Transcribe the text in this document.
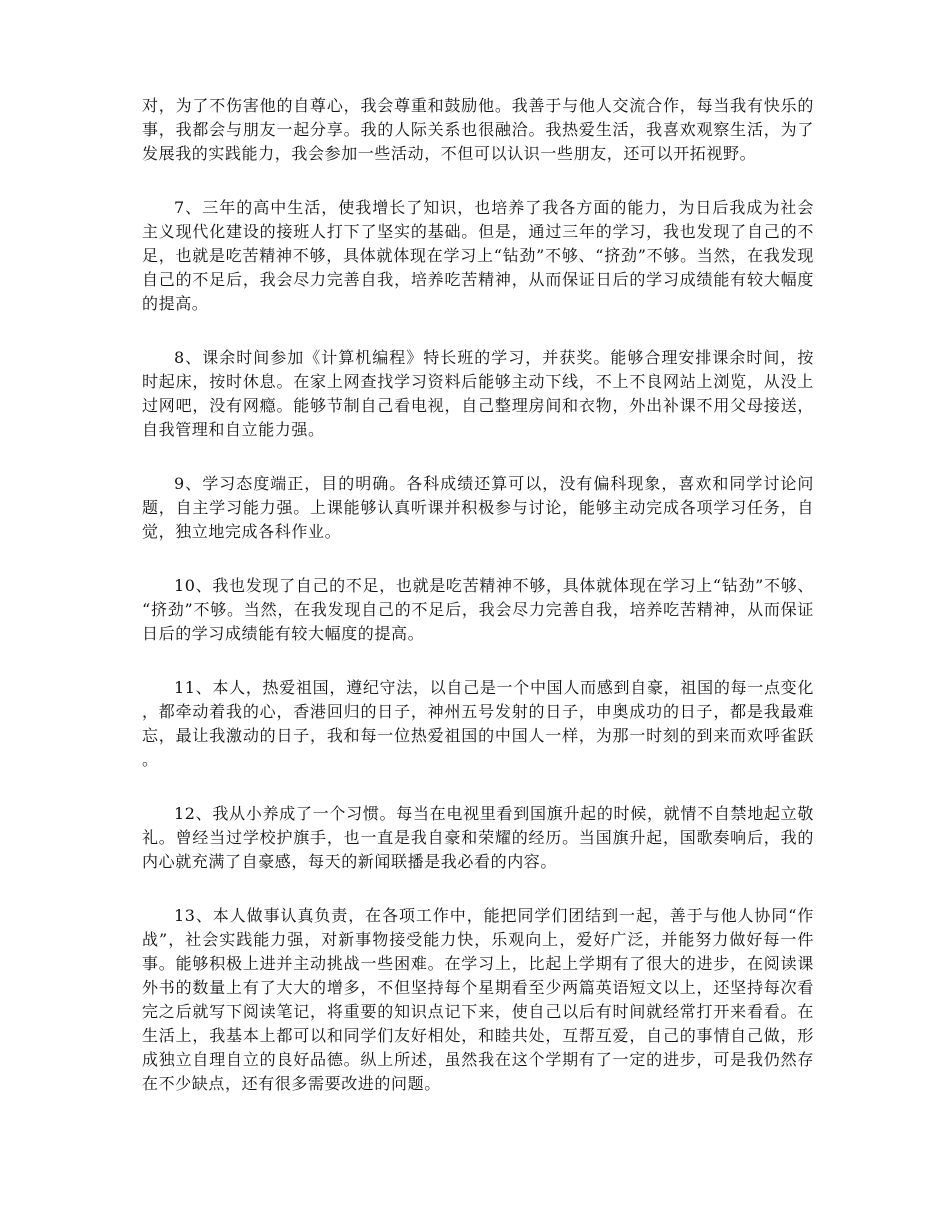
对，为了不伤害他的自尊心，我会尊重和鼓励他。我善于与他人交流合作，每当我有快乐的事，我都会与朋友一起分享。我的人际关系也很融洽。我热爱生活，我喜欢观察生活，为了发展我的实践能力，我会参加一些活动，不但可以认识一些朋友，还可以开拓视野。

7、三年的高中生活，使我增长了知识，也培养了我各方面的能力，为日后我成为社会主义现代化建设的接班人打下了坚实的基础。但是，通过三年的学习，我也发现了自己的不足，也就是吃苦精神不够，具体就体现在学习上“钻劲”不够、“挤劲”不够。当然，在我发现自己的不足后，我会尽力完善自我，培养吃苦精神，从而保证日后的学习成绩能有较大幅度的提高。

8、课余时间参加《计算机编程》特长班的学习，并获奖。能够合理安排课余时间，按时起床，按时休息。在家上网查找学习资料后能够主动下线，不上不良网站上浏览，从没上过网吧，没有网瘾。能够节制自己看电视，自己整理房间和衣物，外出补课不用父母接送，自我管理和自立能力强。

9、学习态度端正，目的明确。各科成绩还算可以，没有偏科现象，喜欢和同学讨论问题，自主学习能力强。上课能够认真听课并积极参与讨论，能够主动完成各项学习任务，自觉，独立地完成各科作业。

10、我也发现了自己的不足，也就是吃苦精神不够，具体就体现在学习上“钻劲”不够、 “挤劲”不够。当然，在我发现自己的不足后，我会尽力完善自我，培养吃苦精神，从而保证日后的学习成绩能有较大幅度的提高。

11、本人，热爱祖国，遵纪守法，以自己是一个中国人而感到自豪，祖国的每一点变化，都牵动着我的心，香港回归的日子，神州五号发射的日子，申奥成功的日子，都是我最难忘，最让我激动的日子，我和每一位热爱祖国的中国人一样，为那一时刻的到来而欢呼雀跃。

12、我从小养成了一个习惯。每当在电视里看到国旗升起的时候，就情不自禁地起立敬礼。曾经当过学校护旗手，也一直是我自豪和荣耀的经历。当国旗升起，国歌奏响后，我的内心就充满了自豪感，每天的新闻联播是我必看的内容。

13、本人做事认真负责，在各项工作中，能把同学们团结到一起，善于与他人协同“作战”，社会实践能力强，对新事物接受能力快，乐观向上，爱好广泛，并能努力做好每一件事。能够积极上进并主动挑战一些困难。在学习上，比起上学期有了很大的进步，在阅读课外书的数量上有了大大的增多，不但坚持每个星期看至少两篇英语短文以上，还坚持每次看完之后就写下阅读笔记，将重要的知识点记下来，使自己以后有时间就经常打开来看看。在生活上，我基本上都可以和同学们友好相处，和睦共处，互帮互爱，自己的事情自己做，形成独立自理自立的良好品德。纵上所述，虽然我在这个学期有了一定的进步，可是我仍然存在不少缺点，还有很多需要改进的问题。
